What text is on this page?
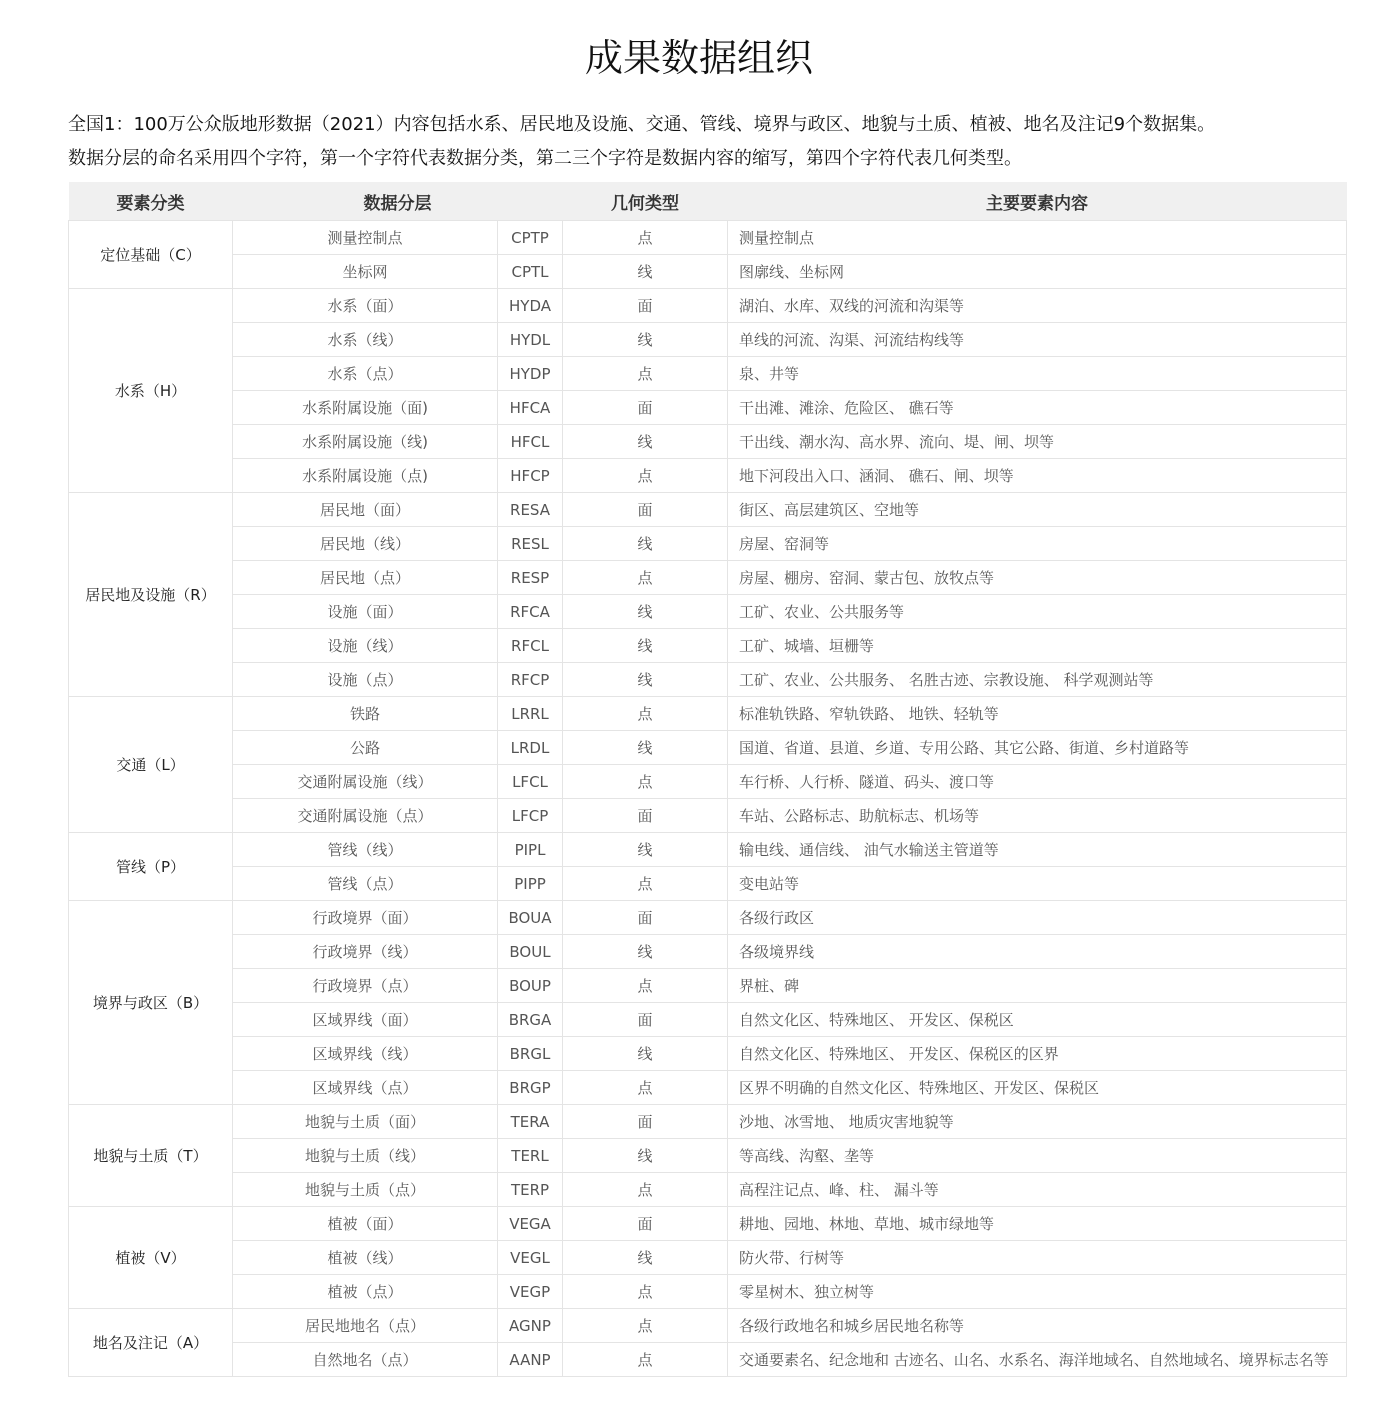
成果数据组织

全国1：100万公众版地形数据（2021）内容包括水系、居民地及设施、交通、管线、境界与政区、地貌与土质、植被、地名及注记9个数据集。

数据分层的命名采用四个字符，第一个字符代表数据分类，第二三个字符是数据内容的缩写，第四个字符代表几何类型。

要素分类	数据分层		几何类型	主要要素内容
定位基础（C）	测量控制点	CPTP	点	测量控制点
	坐标网	CPTL	线	图廓线、坐标网
水系（H）	水系（面）	HYDA	面	湖泊、水库、双线的河流和沟渠等
	水系（线）	HYDL	线	单线的河流、沟渠、河流结构线等
	水系（点）	HYDP	点	泉、井等
	水系附属设施（面)	HFCA	面	干出滩、滩涂、危险区、 礁石等
	水系附属设施（线)	HFCL	线	干出线、潮水沟、高水界、流向、堤、闸、坝等
	水系附属设施（点)	HFCP	点	地下河段出入口、涵洞、 礁石、闸、坝等
居民地及设施（R）	居民地（面）	RESA	面	街区、高层建筑区、空地等
	居民地（线）	RESL	线	房屋、窑洞等
	居民地（点）	RESP	点	房屋、棚房、窑洞、蒙古包、放牧点等
	设施（面）	RFCA	线	工矿、农业、公共服务等
	设施（线）	RFCL	线	工矿、城墙、垣栅等
	设施（点）	RFCP	线	工矿、农业、公共服务、 名胜古迹、宗教设施、 科学观测站等
交通（L）	铁路	LRRL	点	标准轨铁路、窄轨铁路、 地铁、轻轨等
	公路	LRDL	线	国道、省道、县道、乡道、专用公路、其它公路、街道、乡村道路等
	交通附属设施（线）	LFCL	点	车行桥、人行桥、隧道、码头、渡口等
	交通附属设施（点）	LFCP	面	车站、公路标志、助航标志、机场等
管线（P）	管线（线）	PIPL	线	输电线、通信线、 油气水输送主管道等
	管线（点）	PIPP	点	变电站等
境界与政区（B）	行政境界（面）	BOUA	面	各级行政区
	行政境界（线）	BOUL	线	各级境界线
	行政境界（点）	BOUP	点	界桩、碑
	区域界线（面）	BRGA	面	自然文化区、特殊地区、 开发区、保税区
	区域界线（线）	BRGL	线	自然文化区、特殊地区、 开发区、保税区的区界
	区域界线（点）	BRGP	点	区界不明确的自然文化区、特殊地区、开发区、保税区
地貌与土质（T）	地貌与土质（面）	TERA	面	沙地、冰雪地、 地质灾害地貌等
	地貌与土质（线）	TERL	线	等高线、沟壑、垄等
	地貌与土质（点）	TERP	点	高程注记点、峰、柱、 漏斗等
植被（V）	植被（面）	VEGA	面	耕地、园地、林地、草地、城市绿地等
	植被（线）	VEGL	线	防火带、行树等
	植被（点）	VEGP	点	零星树木、独立树等
地名及注记（A）	居民地地名（点）	AGNP	点	各级行政地名和城乡居民地名称等
	自然地名（点）	AANP	点	交通要素名、纪念地和 古迹名、山名、水系名、海洋地域名、自然地域名、境界标志名等
